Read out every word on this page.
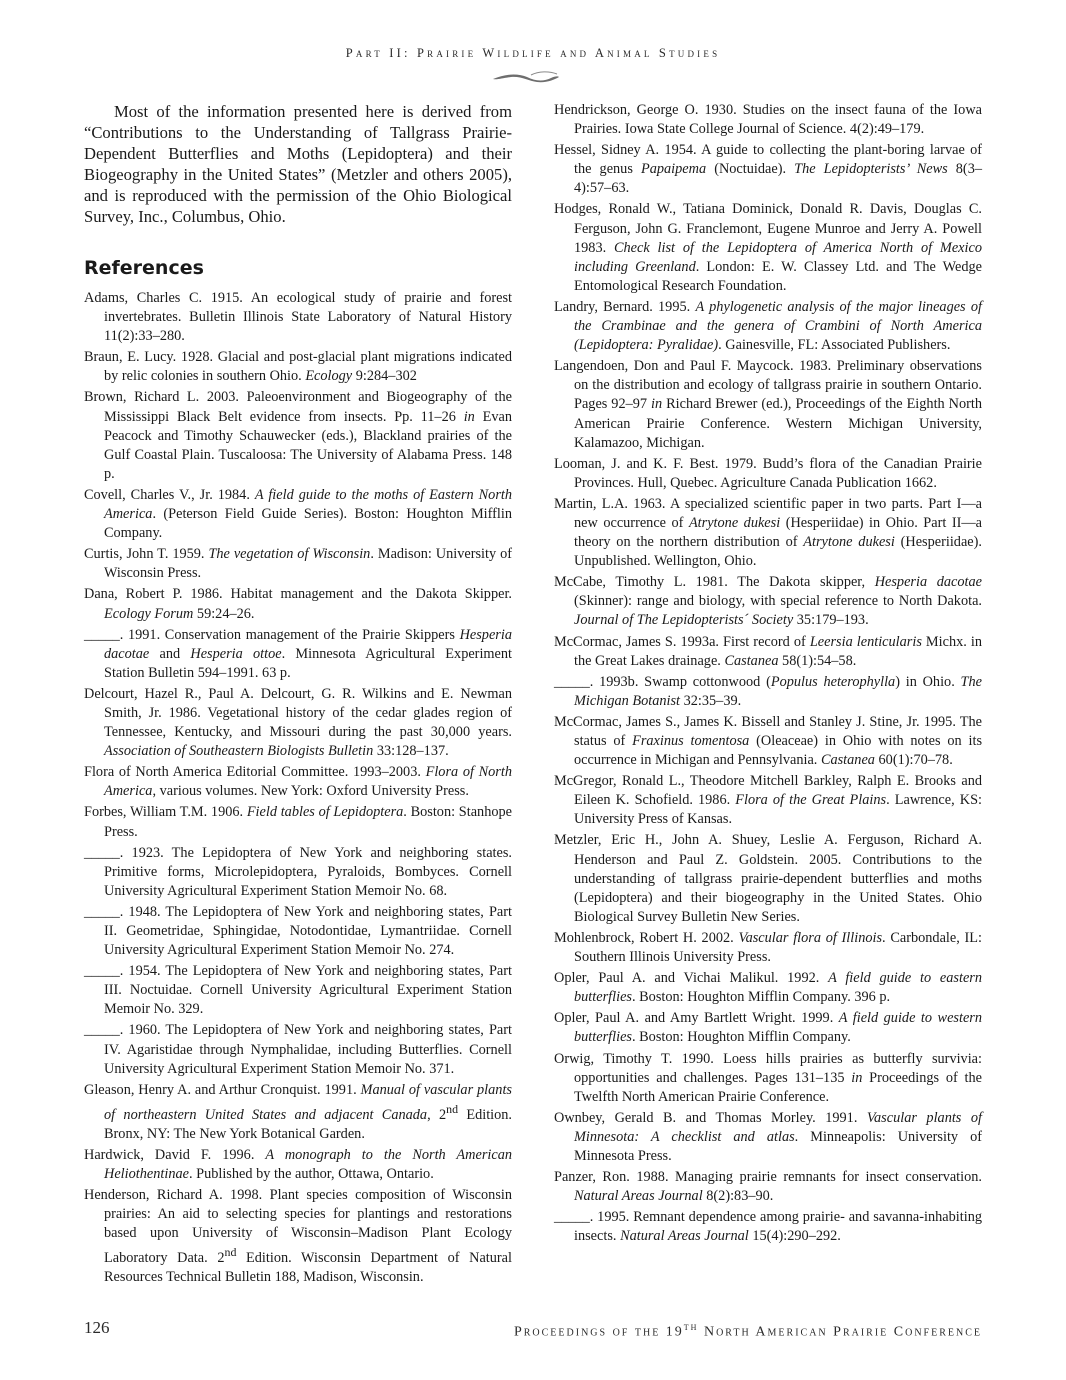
Part II: Prairie Wildlife and Animal Studies

Most of the information presented here is derived from “Contributions to the Understanding of Tallgrass Prairie-Dependent Butterflies and Moths (Lepidoptera) and their Biogeography in the United States” (Metzler and others 2005), and is reproduced with the permission of the Ohio Biological Survey, Inc., Columbus, Ohio.

References

Adams, Charles C. 1915. An ecological study of prairie and forest invertebrates. Bulletin Illinois State Laboratory of Natural History 11(2):33–280.

Braun, E. Lucy. 1928. Glacial and post-glacial plant migrations indicated by relic colonies in southern Ohio. Ecology 9:284–302

Brown, Richard L. 2003. Paleoenvironment and Biogeography of the Mississippi Black Belt evidence from insects. Pp. 11–26 in Evan Peacock and Timothy Schauwecker (eds.), Blackland prairies of the Gulf Coastal Plain. Tuscaloosa: The University of Alabama Press. 148 p.

Covell, Charles V., Jr. 1984. A field guide to the moths of Eastern North America. (Peterson Field Guide Series). Boston: Houghton Mifflin Company.

Curtis, John T. 1959. The vegetation of Wisconsin. Madison: University of Wisconsin Press.

Dana, Robert P. 1986. Habitat management and the Dakota Skipper. Ecology Forum 59:24–26.

_____. 1991. Conservation management of the Prairie Skippers Hesperia dacotae and Hesperia ottoe. Minnesota Agricultural Experiment Station Bulletin 594–1991. 63 p.

Delcourt, Hazel R., Paul A. Delcourt, G. R. Wilkins and E. Newman Smith, Jr. 1986. Vegetational history of the cedar glades region of Tennessee, Kentucky, and Missouri during the past 30,000 years. Association of Southeastern Biologists Bulletin 33:128–137.

Flora of North America Editorial Committee. 1993–2003. Flora of North America, various volumes. New York: Oxford University Press.

Forbes, William T.M. 1906. Field tables of Lepidoptera. Boston: Stanhope Press.

_____. 1923. The Lepidoptera of New York and neighboring states. Primitive forms, Microlepidoptera, Pyraloids, Bombyces. Cornell University Agricultural Experiment Station Memoir No. 68.

_____. 1948. The Lepidoptera of New York and neighboring states, Part II. Geometridae, Sphingidae, Notodontidae, Lymantriidae. Cornell University Agricultural Experiment Station Memoir No. 274.

_____. 1954. The Lepidoptera of New York and neighboring states, Part III. Noctuidae. Cornell University Agricultural Experiment Station Memoir No. 329.

_____. 1960. The Lepidoptera of New York and neighboring states, Part IV. Agaristidae through Nymphalidae, including Butterflies. Cornell University Agricultural Experiment Station Memoir No. 371.

Gleason, Henry A. and Arthur Cronquist. 1991. Manual of vascular plants of northeastern United States and adjacent Canada, 2nd Edition. Bronx, NY: The New York Botanical Garden.

Hardwick, David F. 1996. A monograph to the North American Heliothentinae. Published by the author, Ottawa, Ontario.

Henderson, Richard A. 1998. Plant species composition of Wisconsin prairies: An aid to selecting species for plantings and restorations based upon University of Wisconsin–Madison Plant Ecology Laboratory Data. 2nd Edition. Wisconsin Department of Natural Resources Technical Bulletin 188, Madison, Wisconsin.

Hendrickson, George O. 1930. Studies on the insect fauna of the Iowa Prairies. Iowa State College Journal of Science. 4(2):49–179.

Hessel, Sidney A. 1954. A guide to collecting the plant-boring larvae of the genus Papaipema (Noctuidae). The Lepidopterists’ News 8(3–4):57–63.

Hodges, Ronald W., Tatiana Dominick, Donald R. Davis, Douglas C. Ferguson, John G. Franclemont, Eugene Munroe and Jerry A. Powell 1983. Check list of the Lepidoptera of America North of Mexico including Greenland. London: E. W. Classey Ltd. and The Wedge Entomological Research Foundation.

Landry, Bernard. 1995. A phylogenetic analysis of the major lineages of the Crambinae and the genera of Crambini of North America (Lepidoptera: Pyralidae). Gainesville, FL: Associated Publishers.

Langendoen, Don and Paul F. Maycock. 1983. Preliminary observations on the distribution and ecology of tallgrass prairie in southern Ontario. Pages 92–97 in Richard Brewer (ed.), Proceedings of the Eighth North American Prairie Conference. Western Michigan University, Kalamazoo, Michigan.

Looman, J. and K. F. Best. 1979. Budd’s flora of the Canadian Prairie Provinces. Hull, Quebec. Agriculture Canada Publication 1662.

Martin, L.A. 1963. A specialized scientific paper in two parts. Part I—a new occurrence of Atrytone dukesi (Hesperiidae) in Ohio. Part II—a theory on the northern distribution of Atrytone dukesi (Hesperiidae). Unpublished. Wellington, Ohio.

McCabe, Timothy L. 1981. The Dakota skipper, Hesperia dacotae (Skinner): range and biology, with special reference to North Dakota. Journal of The Lepidopterists´ Society 35:179–193.

McCormac, James S. 1993a. First record of Leersia lenticularis Michx. in the Great Lakes drainage. Castanea 58(1):54–58.

_____. 1993b. Swamp cottonwood (Populus heterophylla) in Ohio. The Michigan Botanist 32:35–39.

McCormac, James S., James K. Bissell and Stanley J. Stine, Jr. 1995. The status of Fraxinus tomentosa (Oleaceae) in Ohio with notes on its occurrence in Michigan and Pennsylvania. Castanea 60(1):70–78.

McGregor, Ronald L., Theodore Mitchell Barkley, Ralph E. Brooks and Eileen K. Schofield. 1986. Flora of the Great Plains. Lawrence, KS: University Press of Kansas.

Metzler, Eric H., John A. Shuey, Leslie A. Ferguson, Richard A. Henderson and Paul Z. Goldstein. 2005. Contributions to the understanding of tallgrass prairie-dependent butterflies and moths (Lepidoptera) and their biogeography in the United States. Ohio Biological Survey Bulletin New Series.

Mohlenbrock, Robert H. 2002. Vascular flora of Illinois. Carbondale, IL: Southern Illinois University Press.

Opler, Paul A. and Vichai Malikul. 1992. A field guide to eastern butterflies. Boston: Houghton Mifflin Company. 396 p.

Opler, Paul A. and Amy Bartlett Wright. 1999. A field guide to western butterflies. Boston: Houghton Mifflin Company.

Orwig, Timothy T. 1990. Loess hills prairies as butterfly survivia: opportunities and challenges. Pages 131–135 in Proceedings of the Twelfth North American Prairie Conference.

Ownbey, Gerald B. and Thomas Morley. 1991. Vascular plants of Minnesota: A checklist and atlas. Minneapolis: University of Minnesota Press.

Panzer, Ron. 1988. Managing prairie remnants for insect conservation. Natural Areas Journal 8(2):83–90.

_____. 1995. Remnant dependence among prairie- and savanna-inhabiting insects. Natural Areas Journal 15(4):290–292.

126	Proceedings of the 19th North American Prairie Conference
